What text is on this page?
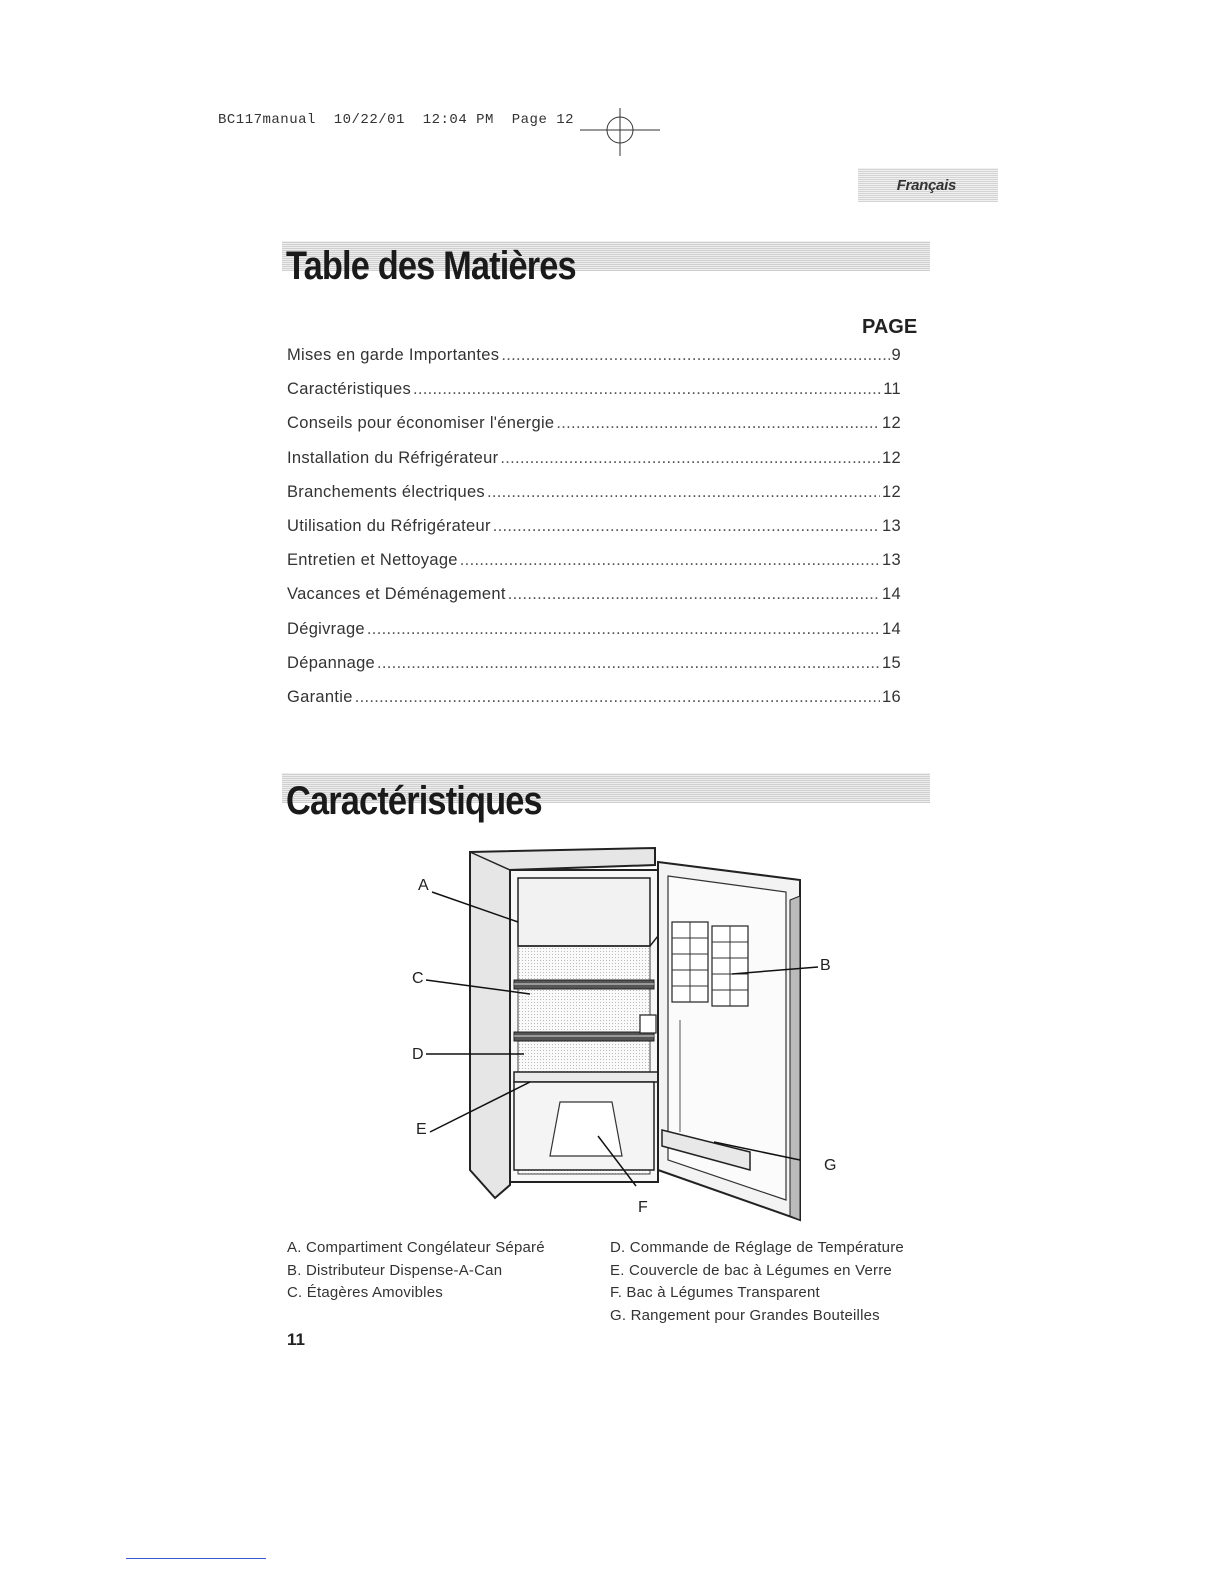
BC117manual  10/22/01  12:04 PM  Page 12
Français
Table des Matières
PAGE
Mises en garde Importantes .....	9
Caractéristiques .....	11
Conseils pour économiser l'énergie .....	12
Installation du Réfrigérateur .....	12
Branchements électriques .....	12
Utilisation du Réfrigérateur .....	13
Entretien et Nettoyage .....	13
Vacances et Déménagement .....	14
Dégivrage .....	14
Dépannage .....	15
Garantie .....	16
Caractéristiques
A
C
D
E
F
B
G
A. Compartiment Congélateur Séparé
B. Distributeur Dispense-A-Can
C. Étagères Amovibles
D. Commande de Réglage de Température
E. Couvercle de bac à Légumes en Verre
F. Bac à Légumes Transparent
G. Rangement pour Grandes Bouteilles
11
